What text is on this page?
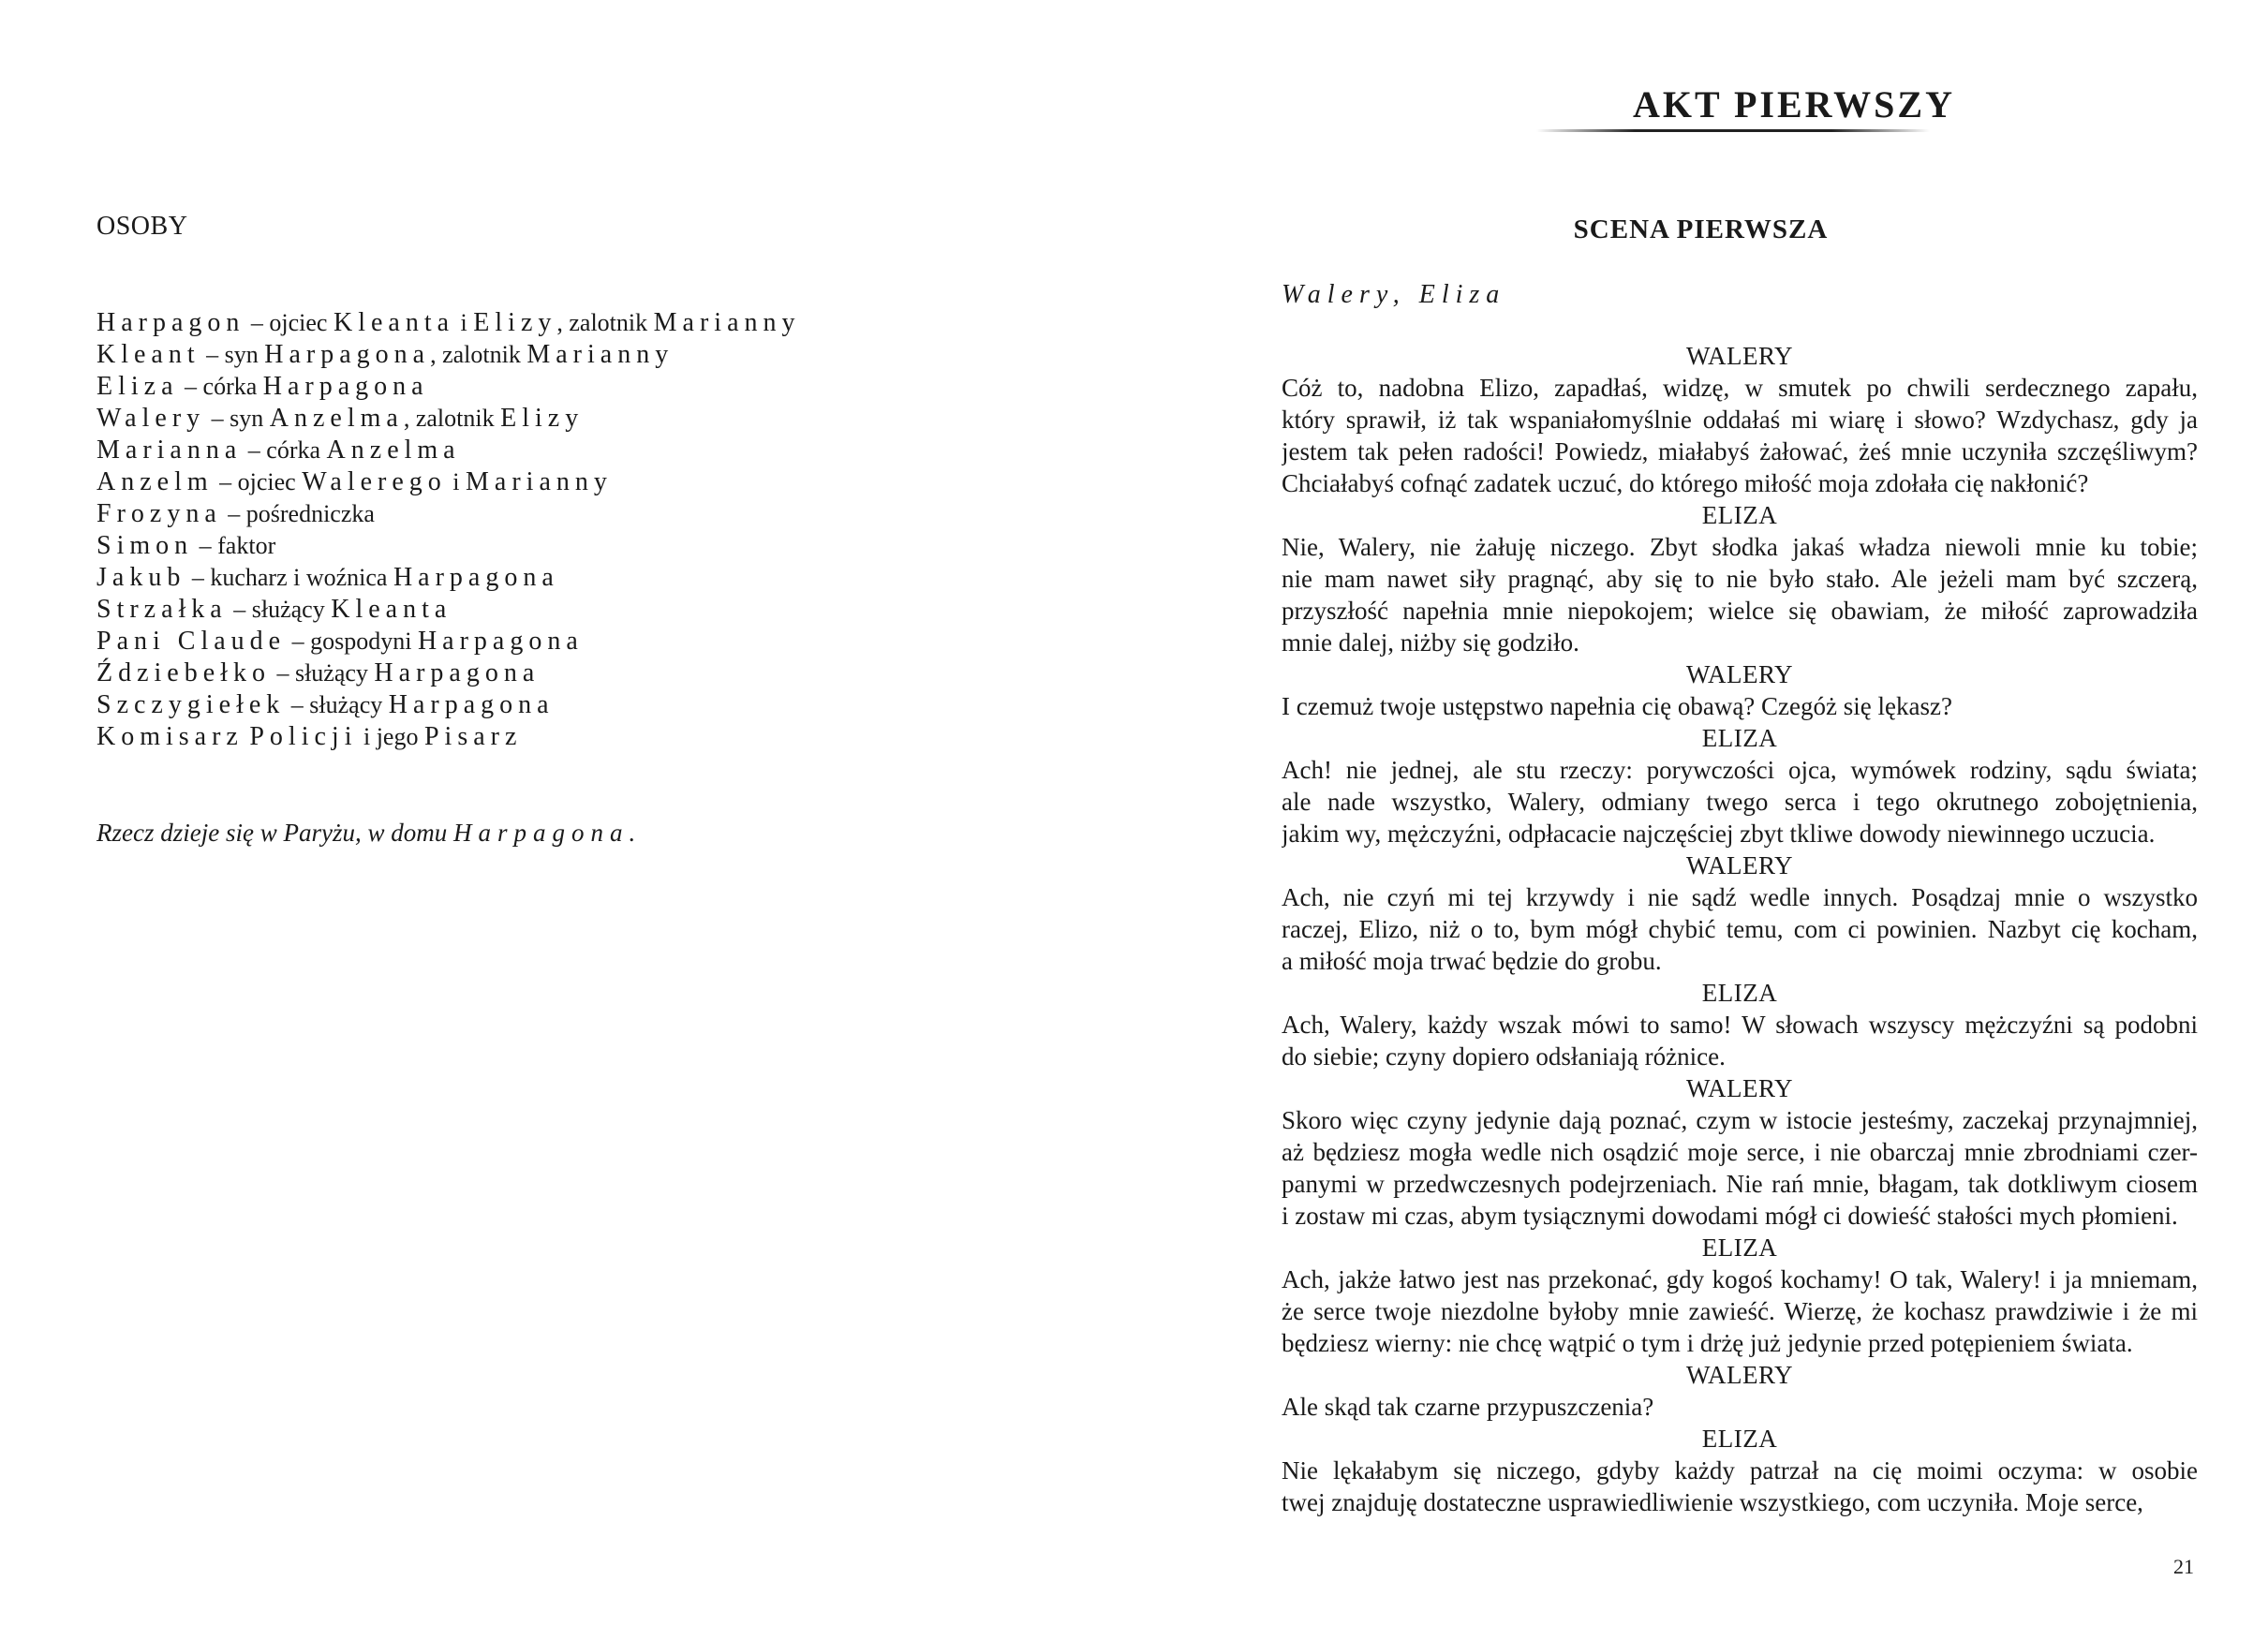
OSOBY
Harpagon – ojciec Kleanta i Elizy, zalotnik Marianny
Kleant – syn Harpagona, zalotnik Marianny
Eliza – córka Harpagona
Walery – syn Anzelma, zalotnik Elizy
Marianna – córka Anzelma
Anzelm – ojciec Walerego i Marianny
Frozyna – pośredniczka
Simon – faktor
Jakub – kucharz i woźnica Harpagona
Strzałka – służący Kleanta
Pani Claude – gospodyni Harpagona
Ździebełko – służący Harpagona
Szczygiełek – służący Harpagona
Komisarz Policji i jego Pisarz
Rzecz dzieje się w Paryżu, w domu Harpagona.
AKT PIERWSZY
SCENA PIERWSZA
Walery, Eliza
WALERY
Cóż to, nadobna Elizo, zapadłaś, widzę, w smutek po chwili serdecznego zapału,
który sprawił, iż tak wspaniałomyślnie oddałaś mi wiarę i słowo? Wzdychasz, gdy ja
jestem tak pełen radości! Powiedz, miałabyś żałować, żeś mnie uczyniła szczęśliwym?
Chciałabyś cofnąć zadatek uczuć, do którego miłość moja zdołała cię nakłonić?
ELIZA
Nie, Walery, nie żałuję niczego. Zbyt słodka jakaś władza niewoli mnie ku tobie;
nie mam nawet siły pragnąć, aby się to nie było stało. Ale jeżeli mam być szczerą,
przyszłość napełnia mnie niepokojem; wielce się obawiam, że miłość zaprowadziła
mnie dalej, niżby się godziło.
WALERY
I czemuż twoje ustępstwo napełnia cię obawą? Czegóż się lękasz?
ELIZA
Ach! nie jednej, ale stu rzeczy: porywczości ojca, wymówek rodziny, sądu świata;
ale nade wszystko, Walery, odmiany twego serca i tego okrutnego zobojętnienia,
jakim wy, mężczyźni, odpłacacie najczęściej zbyt tkliwe dowody niewinnego uczucia.
WALERY
Ach, nie czyń mi tej krzywdy i nie sądź wedle innych. Posądzaj mnie o wszystko
raczej, Elizo, niż o to, bym mógł chybić temu, com ci powinien. Nazbyt cię kocham,
a miłość moja trwać będzie do grobu.
ELIZA
Ach, Walery, każdy wszak mówi to samo! W słowach wszyscy mężczyźni są podobni
do siebie; czyny dopiero odsłaniają różnice.
WALERY
Skoro więc czyny jedynie dają poznać, czym w istocie jesteśmy, zaczekaj przynajmniej,
aż będziesz mogła wedle nich osądzić moje serce, i nie obarczaj mnie zbrodniami czer-
panymi w przedwczesnych podejrzeniach. Nie rań mnie, błagam, tak dotkliwym ciosem
i zostaw mi czas, abym tysiącznymi dowodami mógł ci dowieść stałości mych płomieni.
ELIZA
Ach, jakże łatwo jest nas przekonać, gdy kogoś kochamy! O tak, Walery! i ja mniemam,
że serce twoje niezdolne byłoby mnie zawieść. Wierzę, że kochasz prawdziwie i że mi
będziesz wierny: nie chcę wątpić o tym i drżę już jedynie przed potępieniem świata.
WALERY
Ale skąd tak czarne przypuszczenia?
ELIZA
Nie lękałabym się niczego, gdyby każdy patrzał na cię moimi oczyma: w osobie
twej znajduję dostateczne usprawiedliwienie wszystkiego, com uczyniła. Moje serce,
21
